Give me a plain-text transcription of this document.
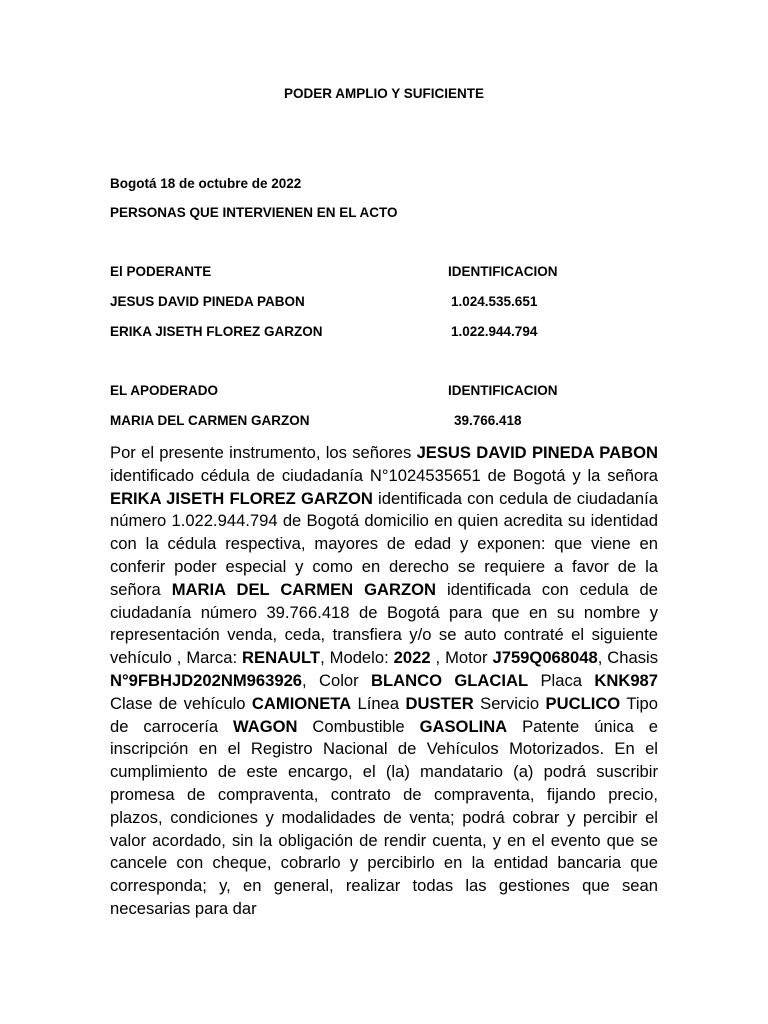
PODER AMPLIO Y SUFICIENTE
Bogotá 18 de octubre de 2022
PERSONAS QUE INTERVIENEN EN EL ACTO
El PODERANTE	IDENTIFICACION
JESUS DAVID PINEDA PABON	1.024.535.651
ERIKA JISETH FLOREZ GARZON	1.022.944.794
EL APODERADO	IDENTIFICACION
MARIA DEL CARMEN GARZON	39.766.418
Por el presente instrumento, los señores JESUS DAVID PINEDA PABON identificado cédula de ciudadanía N°1024535651 de Bogotá y la señora ERIKA JISETH FLOREZ GARZON identificada con cedula de ciudadanía número 1.022.944.794 de Bogotá domicilio en quien acredita su identidad con la cédula respectiva, mayores de edad y exponen: que viene en conferir poder especial y como en derecho se requiere a favor de la señora MARIA DEL CARMEN GARZON identificada con cedula de ciudadanía número 39.766.418 de Bogotá para que en su nombre y representación venda, ceda, transfiera y/o se auto contraté el siguiente vehículo , Marca: RENAULT, Modelo: 2022 , Motor J759Q068048, Chasis N°9FBHJD202NM963926, Color BLANCO GLACIAL Placa KNK987 Clase de vehículo CAMIONETA Línea DUSTER Servicio PUCLICO Tipo de carrocería WAGON Combustible GASOLINA Patente única e inscripción en el Registro Nacional de Vehículos Motorizados. En el cumplimiento de este encargo, el (la) mandatario (a) podrá suscribir promesa de compraventa, contrato de compraventa, fijando precio, plazos, condiciones y modalidades de venta; podrá cobrar y percibir el valor acordado, sin la obligación de rendir cuenta, y en el evento que se cancele con cheque, cobrarlo y percibirlo en la entidad bancaria que corresponda; y, en general, realizar todas las gestiones que sean necesarias para dar
